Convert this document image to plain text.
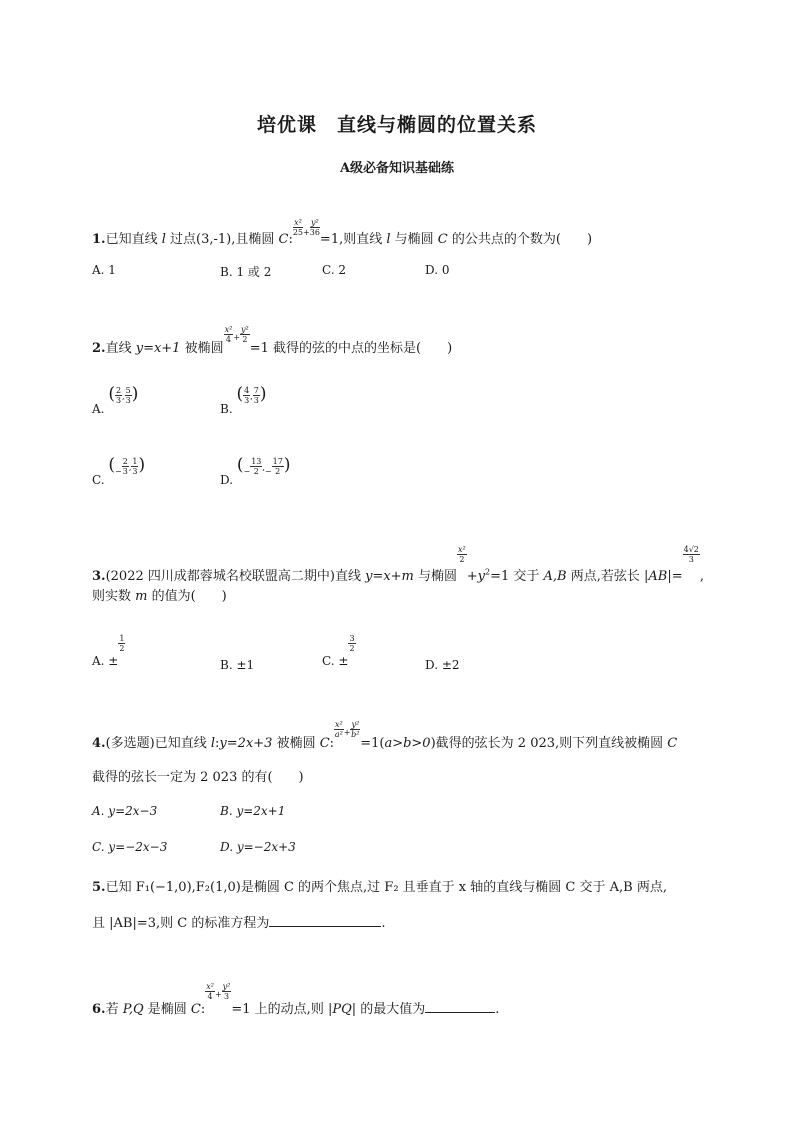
培优课　直线与椭圆的位置关系
A级必备知识基础练
1.已知直线 l 过点(3,-1),且椭圆 C:
$\frac{\text{x²}}{25} ^+ \frac{\text{y²}}{36}$
=1,则直线 l 与椭圆 C 的公共点的个数为(　　)
A. 1	B. 1 或 2	C. 2	D. 0
2.直线 y=x+1 被椭圆
$\frac{\text{x²}}{4} ^+ \frac{\text{y²}}{2}$
=1 截得的弦的中点的坐标是(　　)
A. ( $\frac{2}{3}$ , $\frac{5}{3}$ )
B. ( $\frac{4}{3}$ , $\frac{7}{3}$ )
C. ($_- \frac{2}{3}$ , $\frac{1}{3}$ )
D. ($_- \frac{13}{2} ,_- \frac{17}{2}$ )
3.(2022 四川成都蓉城名校联盟高二期中)直线 y=x+m 与椭圆
$\frac{\text{x²}}{2}$
$+y^2=1$ 交于 A,B 两点,若弦长 |AB|=
$\frac{4√2}{3}$
,
则实数 m 的值为(　　)
A. ±
$\frac{1}{2}$
B. ±1	C. ±
$\frac{3}{2}$
D. ±2
4.(多选题)已知直线 l:y=2x+3 被椭圆 C:
$\frac{\text{x²}}{\text{a²}} ^+ \frac{\text{y²}}{\text{b²}}$
=1(a>b>0)截得的弦长为 2 023,则下列直线被椭圆 C
截得的弦长一定为 2 023 的有(　　)
A. y=2x−3	B. y=2x+1
C. y=−2x−3	D. y=−2x+3
5.已知 F₁(−1,0),F₂(1,0)是椭圆 C 的两个焦点,过 F₂ 且垂直于 x 轴的直线与椭圆 C 交于 A,B 两点,
且 |AB|=3,则 C 的标准方程为	.
6.若 P,Q 是椭圆 C:
$\frac{\text{x²}}{4} ^+ \frac{\text{y²}}{3}$
=1 上的动点,则 |PQ| 的最大值为	.
